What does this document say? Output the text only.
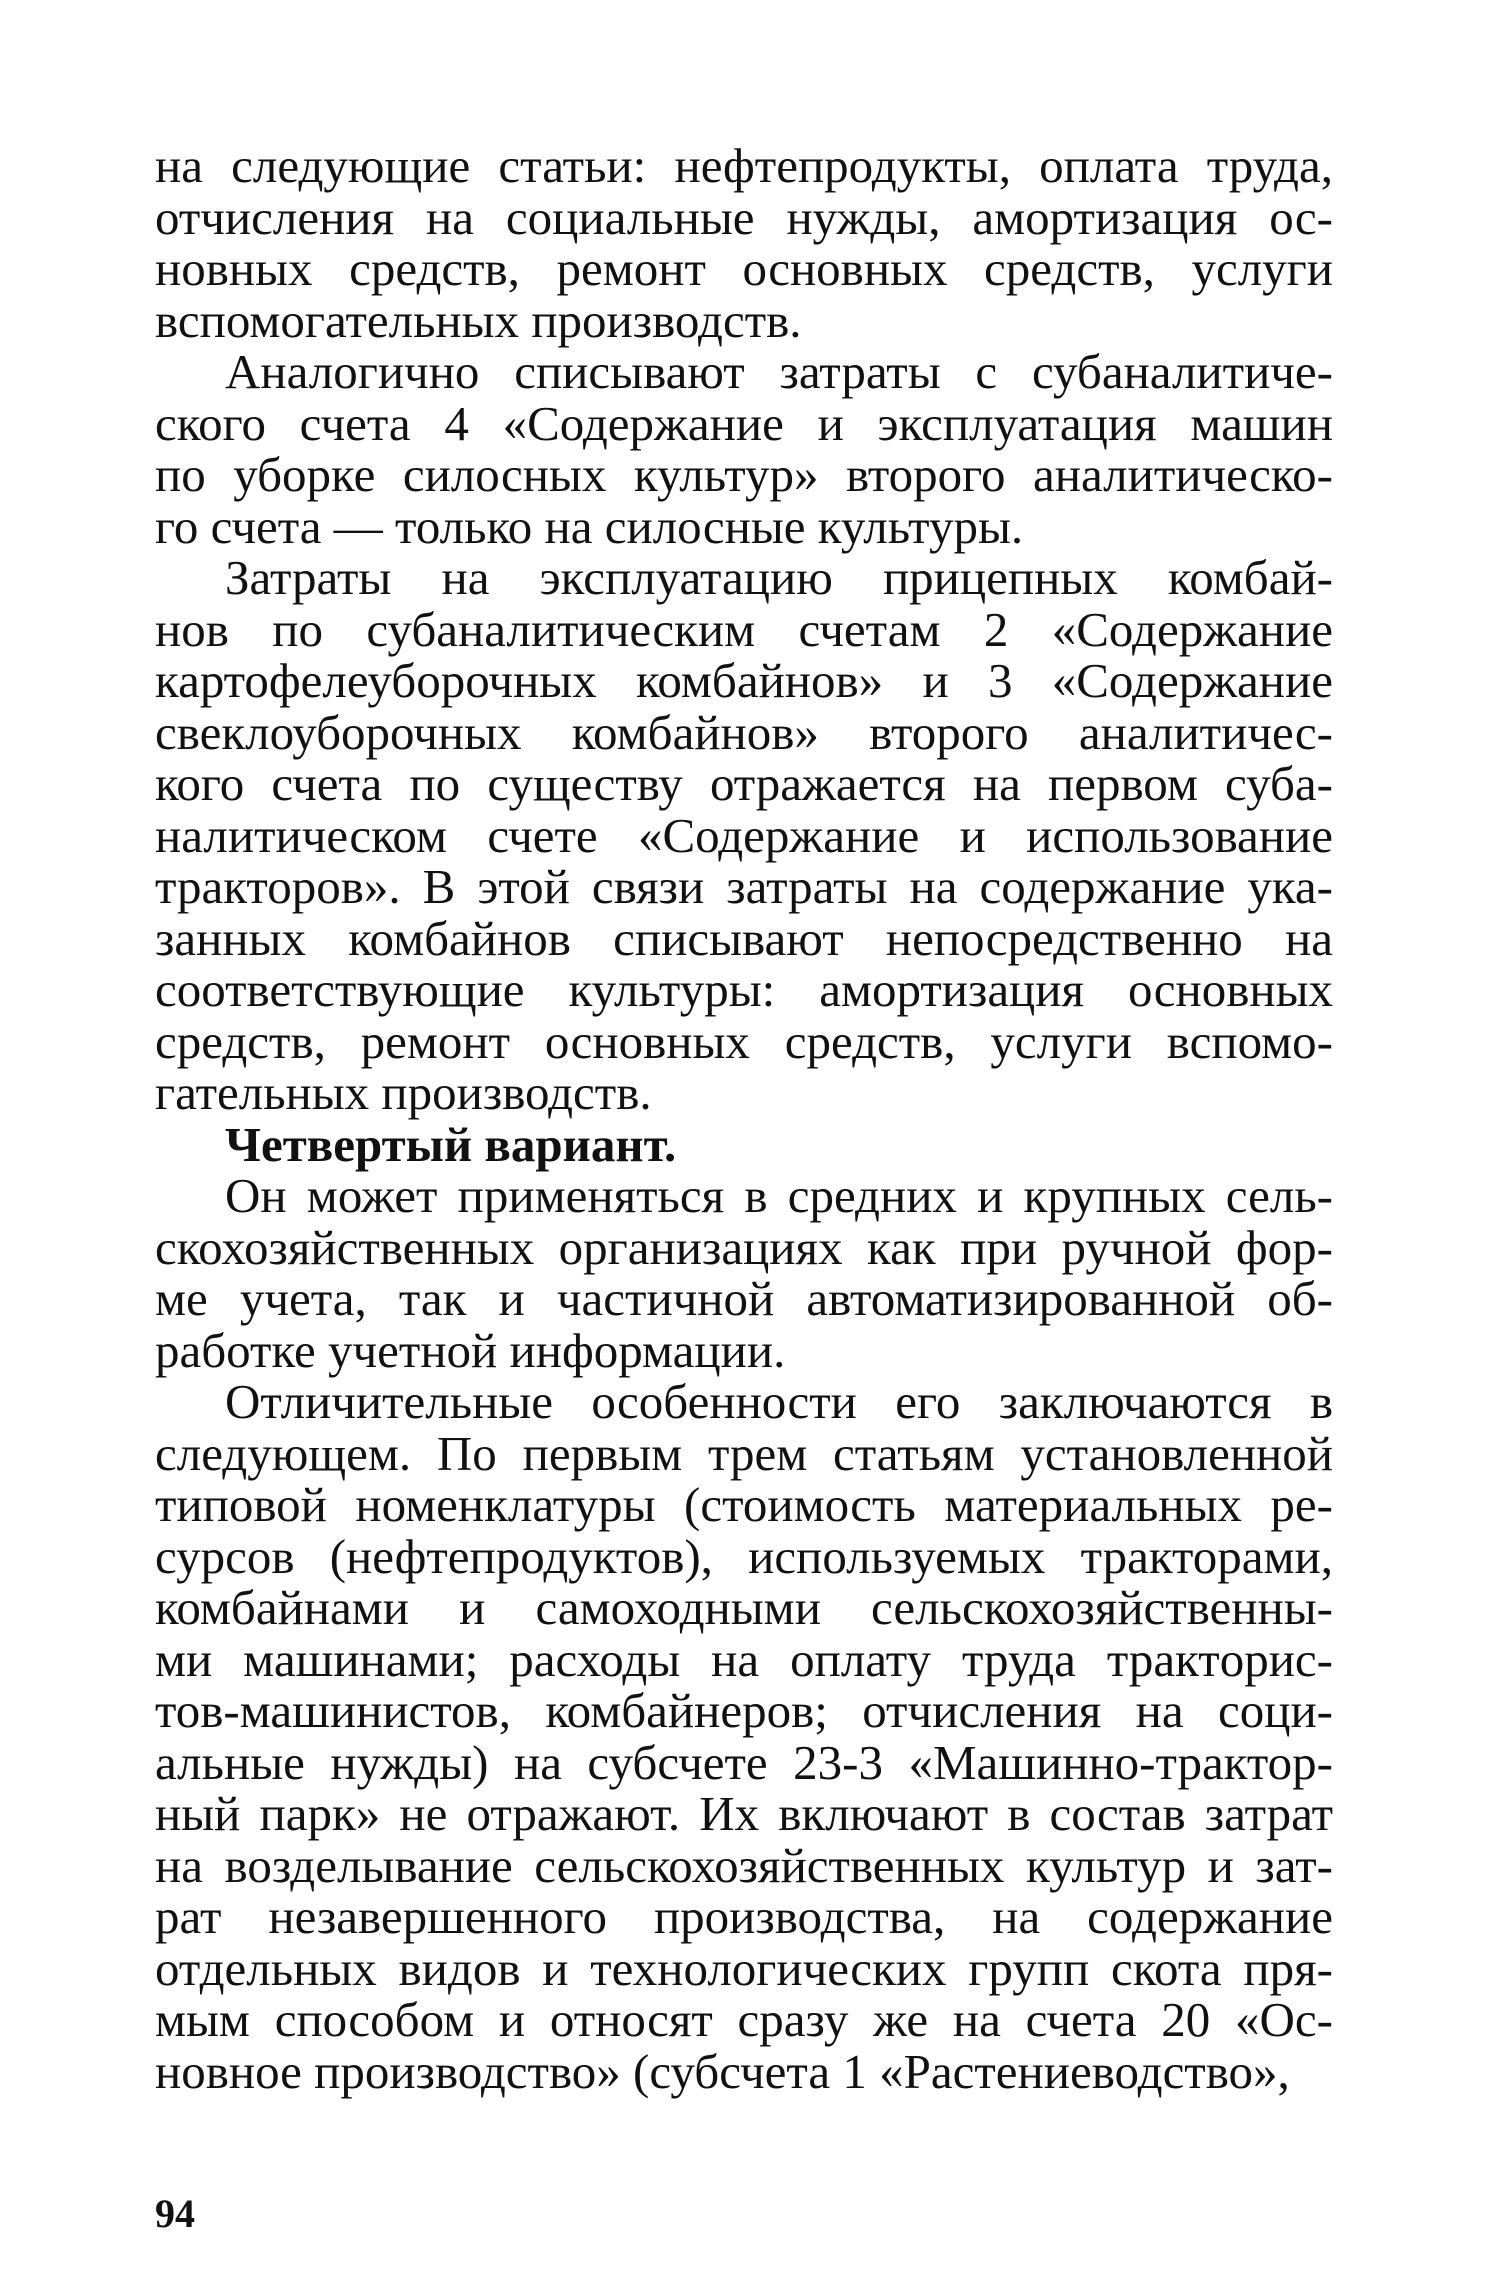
на следующие статьи: нефтепродукты, оплата труда,
отчисления на социальные нужды, амортизация ос-
новных средств, ремонт основных средств, услуги
вспомогательных производств.
Аналогично списывают затраты с субаналитиче-
ского счета 4 «Содержание и эксплуатация машин
по уборке силосных культур» второго аналитическо-
го счета — только на силосные культуры.
Затраты на эксплуатацию прицепных комбай-
нов по субаналитическим счетам 2 «Содержание
картофелеуборочных комбайнов» и 3 «Содержание
свеклоуборочных комбайнов» второго аналитичес-
кого счета по существу отражается на первом суба-
налитическом счете «Содержание и использование
тракторов». В этой связи затраты на содержание ука-
занных комбайнов списывают непосредственно на
соответствующие культуры: амортизация основных
средств, ремонт основных средств, услуги вспомо-
гательных производств.
Четвертый вариант.
Он может применяться в средних и крупных сель-
скохозяйственных организациях как при ручной фор-
ме учета, так и частичной автоматизированной об-
работке учетной информации.
Отличительные особенности его заключаются в
следующем. По первым трем статьям установленной
типовой номенклатуры (стоимость материальных ре-
сурсов (нефтепродуктов), используемых тракторами,
комбайнами и самоходными сельскохозяйственны-
ми машинами; расходы на оплату труда трактoрис-
тов-машинистов, комбайнеров; отчисления на соци-
альные нужды) на субсчете 23-3 «Машинно-трактор-
ный парк» не отражают. Их включают в состав затрат
на возделывание сельскохозяйственных культур и зат-
рат незавершенного производства, на содержание
отдельных видов и технологических групп скота пря-
мым способом и относят сразу же на счета 20 «Ос-
новное производство» (субсчета 1 «Растениеводство»,
94
